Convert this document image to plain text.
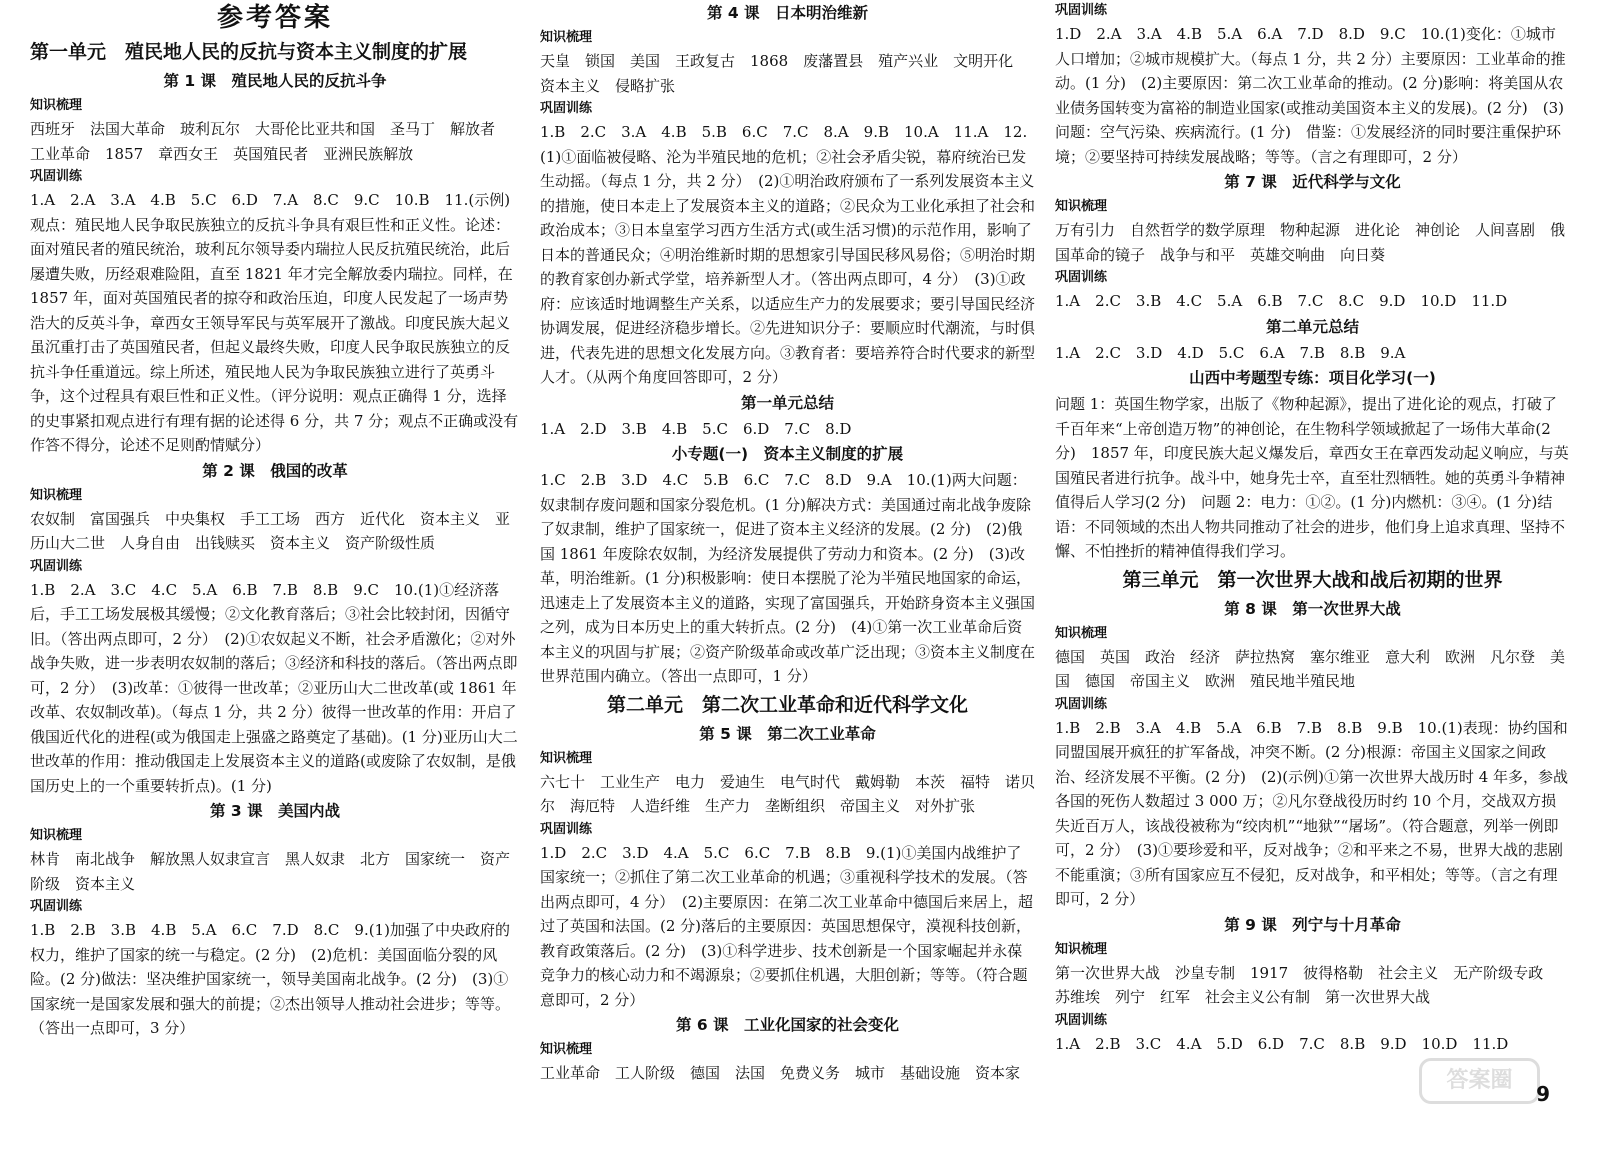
参考答案
第一单元　殖民地人民的反抗与资本主义制度的扩展
第 1 课　殖民地人民的反抗斗争
知识梳理
西班牙　法国大革命　玻利瓦尔　大哥伦比亚共和国　圣马丁　解放者　工业革命　1857　章西女王　英国殖民者　亚洲民族解放
巩固训练
1.A　2.A　3.A　4.B　5.C　6.D　7.A　8.C　9.C　10.B　11.(示例)观点：殖民地人民争取民族独立的反抗斗争具有艰巨性和正义性。论述：面对殖民者的殖民统治，玻利瓦尔领导委内瑞拉人民反抗殖民统治，此后屡遭失败，历经艰难险阻，直至 1821 年才完全解放委内瑞拉。同样，在 1857 年，面对英国殖民者的掠夺和政治压迫，印度人民发起了一场声势浩大的反英斗争，章西女王领导军民与英军展开了激战。印度民族大起义虽沉重打击了英国殖民者，但起义最终失败，印度人民争取民族独立的反抗斗争任重道远。综上所述，殖民地人民为争取民族独立进行了英勇斗争，这个过程具有艰巨性和正义性。（评分说明：观点正确得 1 分，选择的史事紧扣观点进行有理有据的论述得 6 分，共 7 分；观点不正确或没有作答不得分，论述不足则酌情赋分）
第 2 课　俄国的改革
知识梳理
农奴制　富国强兵　中央集权　手工工场　西方　近代化　资本主义　亚历山大二世　人身自由　出钱赎买　资本主义　资产阶级性质
巩固训练
1.B　2.A　3.C　4.C　5.A　6.B　7.B　8.B　9.C　10.(1)①经济落后，手工工场发展极其缓慢；②文化教育落后；③社会比较封闭，因循守旧。（答出两点即可，2 分）　(2)①农奴起义不断，社会矛盾激化；②对外战争失败，进一步表明农奴制的落后；③经济和科技的落后。（答出两点即可，2 分）　(3)改革：①彼得一世改革；②亚历山大二世改革(或 1861 年改革、农奴制改革)。（每点 1 分，共 2 分）彼得一世改革的作用：开启了俄国近代化的进程(或为俄国走上强盛之路奠定了基础)。(1 分)亚历山大二世改革的作用：推动俄国走上发展资本主义的道路(或废除了农奴制，是俄国历史上的一个重要转折点)。(1 分)
第 3 课　美国内战
知识梳理
林肯　南北战争　解放黑人奴隶宣言　黑人奴隶　北方　国家统一　资产阶级　资本主义
巩固训练
1.B　2.B　3.B　4.B　5.A　6.C　7.D　8.C　9.(1)加强了中央政府的权力，维护了国家的统一与稳定。(2 分)　(2)危机：美国面临分裂的风险。(2 分)做法：坚决维护国家统一，领导美国南北战争。(2 分)　(3)①国家统一是国家发展和强大的前提；②杰出领导人推动社会进步；等等。（答出一点即可，3 分）
第 4 课　日本明治维新
知识梳理
天皇　锁国　美国　王政复古　1868　废藩置县　殖产兴业　文明开化　资本主义　侵略扩张
巩固训练
1.B　2.C　3.A　4.B　5.B　6.C　7.C　8.A　9.B　10.A　11.A　12.(1)①面临被侵略、沦为半殖民地的危机；②社会矛盾尖锐，幕府统治已发生动摇。（每点 1 分，共 2 分）　(2)①明治政府颁布了一系列发展资本主义的措施，使日本走上了发展资本主义的道路；②民众为工业化承担了社会和政治成本；③日本皇室学习西方生活方式(或生活习惯)的示范作用，影响了日本的普通民众；④明治维新时期的思想家引导国民移风易俗；⑤明治时期的教育家创办新式学堂，培养新型人才。（答出两点即可，4 分）　(3)①政府：应该适时地调整生产关系，以适应生产力的发展要求；要引导国民经济协调发展，促进经济稳步增长。②先进知识分子：要顺应时代潮流，与时俱进，代表先进的思想文化发展方向。③教育者：要培养符合时代要求的新型人才。（从两个角度回答即可，2 分）
第一单元总结
1.A　2.D　3.B　4.B　5.C　6.D　7.C　8.D
小专题(一)　资本主义制度的扩展
1.C　2.B　3.D　4.C　5.B　6.C　7.C　8.D　9.A　10.(1)两大问题：奴隶制存废问题和国家分裂危机。(1 分)解决方式：美国通过南北战争废除了奴隶制，维护了国家统一，促进了资本主义经济的发展。(2 分)　(2)俄国 1861 年废除农奴制，为经济发展提供了劳动力和资本。(2 分)　(3)改革，明治维新。(1 分)积极影响：使日本摆脱了沦为半殖民地国家的命运，迅速走上了发展资本主义的道路，实现了富国强兵，开始跻身资本主义强国之列，成为日本历史上的重大转折点。(2 分)　(4)①第一次工业革命后资本主义的巩固与扩展；②资产阶级革命或改革广泛出现；③资本主义制度在世界范围内确立。（答出一点即可，1 分）
第二单元　第二次工业革命和近代科学文化
第 5 课　第二次工业革命
知识梳理
六七十　工业生产　电力　爱迪生　电气时代　戴姆勒　本茨　福特　诺贝尔　海厄特　人造纤维　生产力　垄断组织　帝国主义　对外扩张
巩固训练
1.D　2.C　3.D　4.A　5.C　6.C　7.B　8.B　9.(1)①美国内战维护了国家统一；②抓住了第二次工业革命的机遇；③重视科学技术的发展。（答出两点即可，4 分）　(2)主要原因：在第二次工业革命中德国后来居上，超过了英国和法国。(2 分)落后的主要原因：英国思想保守，漠视科技创新，教育政策落后。(2 分)　(3)①科学进步、技术创新是一个国家崛起并永葆竞争力的核心动力和不竭源泉；②要抓住机遇，大胆创新；等等。（符合题意即可，2 分）
第 6 课　工业化国家的社会变化
知识梳理
工业革命　工人阶级　德国　法国　免费义务　城市　基础设施　资本家
巩固训练
1.D　2.A　3.A　4.B　5.A　6.A　7.D　8.D　9.C　10.(1)变化：①城市人口增加；②城市规模扩大。（每点 1 分，共 2 分）主要原因：工业革命的推动。(1 分)　(2)主要原因：第二次工业革命的推动。(2 分)影响：将美国从农业债务国转变为富裕的制造业国家(或推动美国资本主义的发展)。(2 分)　(3)问题：空气污染、疾病流行。(1 分)　借鉴：①发展经济的同时要注重保护环境；②要坚持可持续发展战略；等等。（言之有理即可，2 分）
第 7 课　近代科学与文化
知识梳理
万有引力　自然哲学的数学原理　物种起源　进化论　神创论　人间喜剧　俄国革命的镜子　战争与和平　英雄交响曲　向日葵
巩固训练
1.A　2.C　3.B　4.C　5.A　6.B　7.C　8.C　9.D　10.D　11.D
第二单元总结
1.A　2.C　3.D　4.D　5.C　6.A　7.B　8.B　9.A
山西中考题型专练：项目化学习(一)
问题 1：英国生物学家，出版了《物种起源》，提出了进化论的观点，打破了千百年来“上帝创造万物”的神创论，在生物科学领域掀起了一场伟大革命(2 分)　1857 年，印度民族大起义爆发后，章西女王在章西发动起义响应，与英国殖民者进行抗争。战斗中，她身先士卒，直至壮烈牺牲。她的英勇斗争精神值得后人学习(2 分)　问题 2：电力：①②。(1 分)内燃机：③④。(1 分)结语：不同领域的杰出人物共同推动了社会的进步，他们身上追求真理、坚持不懈、不怕挫折的精神值得我们学习。
第三单元　第一次世界大战和战后初期的世界
第 8 课　第一次世界大战
知识梳理
德国　英国　政治　经济　萨拉热窝　塞尔维亚　意大利　欧洲　凡尔登　美国　德国　帝国主义　欧洲　殖民地半殖民地
巩固训练
1.B　2.B　3.A　4.B　5.A　6.B　7.B　8.B　9.B　10.(1)表现：协约国和同盟国展开疯狂的扩军备战，冲突不断。(2 分)根源：帝国主义国家之间政治、经济发展不平衡。(2 分)　(2)(示例)①第一次世界大战历时 4 年多，参战各国的死伤人数超过 3 000 万；②凡尔登战役历时约 10 个月，交战双方损失近百万人，该战役被称为“绞肉机”“地狱”“屠场”。（符合题意，列举一例即可，2 分）　(3)①要珍爱和平，反对战争；②和平来之不易，世界大战的悲剧不能重演；③所有国家应互不侵犯，反对战争，和平相处；等等。（言之有理即可，2 分）
第 9 课　列宁与十月革命
知识梳理
第一次世界大战　沙皇专制　1917　彼得格勒　社会主义　无产阶级专政　苏维埃　列宁　红军　社会主义公有制　第一次世界大战
巩固训练
1.A　2.B　3.C　4.A　5.D　6.D　7.C　8.B　9.D　10.D　11.D
答案圈
9
